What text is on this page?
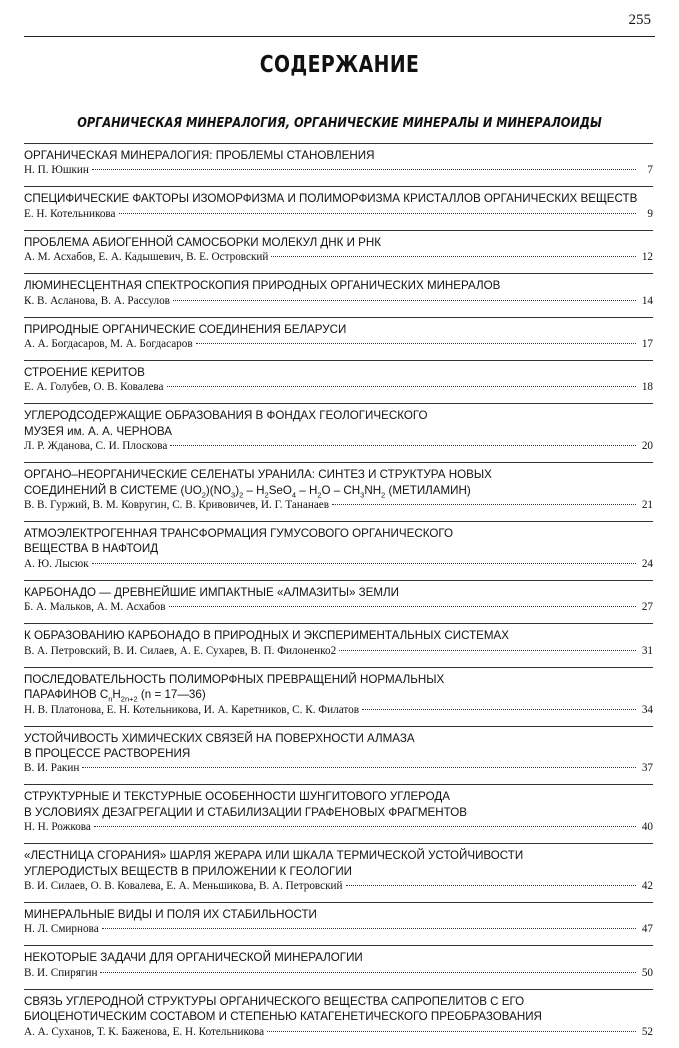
255
СОДЕРЖАНИЕ
ОРГАНИЧЕСКАЯ МИНЕРАЛОГИЯ, ОРГАНИЧЕСКИЕ МИНЕРАЛЫ И МИНЕРАЛОИДЫ
ОРГАНИЧЕСКАЯ МИНЕРАЛОГИЯ: ПРОБЛЕМЫ СТАНОВЛЕНИЯ
Н. П. Юшкин	7
СПЕЦИФИЧЕСКИЕ ФАКТОРЫ ИЗОМОРФИЗМА И ПОЛИМОРФИЗМА КРИСТАЛЛОВ ОРГАНИЧЕСКИХ ВЕЩЕСТВ
Е. Н. Котельникова	9
ПРОБЛЕМА АБИОГЕННОЙ САМОСБОРКИ МОЛЕКУЛ ДНК И РНК
А. М. Асхабов, Е. А. Кадышевич, В. Е. Островский	12
ЛЮМИНЕСЦЕНТНАЯ СПЕКТРОСКОПИЯ ПРИРОДНЫХ ОРГАНИЧЕСКИХ МИНЕРАЛОВ
К. В. Асланова, В. А. Рассулов	14
ПРИРОДНЫЕ ОРГАНИЧЕСКИЕ СОЕДИНЕНИЯ БЕЛАРУСИ
А. А. Богдасаров, М. А. Богдасаров	17
СТРОЕНИЕ КЕРИТОВ
Е. А. Голубев, О. В. Ковалева	18
УГЛЕРОДСОДЕРЖАЩИЕ ОБРАЗОВАНИЯ В ФОНДАХ ГЕОЛОГИЧЕСКОГО
МУЗЕЯ им. А. А. ЧЕРНОВА
Л. Р. Жданова, С. И. Плоскова	20
ОРГАНО–НЕОРГАНИЧЕСКИЕ СЕЛЕНАТЫ УРАНИЛА: СИНТЕЗ И СТРУКТУРА НОВЫХ
СОЕДИНЕНИЙ В СИСТЕМЕ $(UO_2)(NO_3)_2 - H_2SeO_4 - H_2O - CH_3NH_2$ (МЕТИЛАМИН)
В. В. Гуржий, В. М. Ковругин, С. В. Кривовичев, И. Г. Тананаев	21
АТМОЭЛЕКТРОГЕННАЯ ТРАНСФОРМАЦИЯ ГУМУСОВОГО ОРГАНИЧЕСКОГО
ВЕЩЕСТВА В НАФТОИД
А. Ю. Лысюк	24
КАРБОНАДО — ДРЕВНЕЙШИЕ ИМПАКТНЫЕ «АЛМАЗИТЫ» ЗЕМЛИ
Б. А. Мальков, А. М. Асхабов	27
К ОБРАЗОВАНИЮ КАРБОНАДО В ПРИРОДНЫХ И ЭКСПЕРИМЕНТАЛЬНЫХ СИСТЕМАХ
В. А. Петровский, В. И. Силаев, А. Е. Сухарев, В. П. Филоненко2	31
ПОСЛЕДОВАТЕЛЬНОСТЬ ПОЛИМОРФНЫХ ПРЕВРАЩЕНИЙ НОРМАЛЬНЫХ
ПАРАФИНОВ $C_nH_{2n+2}$ (n = 17—36)
Н. В. Платонова, Е. Н. Котельникова, И. А. Каретников, С. К. Филатов	34
УСТОЙЧИВОСТЬ ХИМИЧЕСКИХ СВЯЗЕЙ НА ПОВЕРХНОСТИ АЛМАЗА
В ПРОЦЕССЕ РАСТВОРЕНИЯ
В. И. Ракин	37
СТРУКТУРНЫЕ И ТЕКСТУРНЫЕ ОСОБЕННОСТИ ШУНГИТОВОГО УГЛЕРОДА
В УСЛОВИЯХ ДЕЗАГРЕГАЦИИ И СТАБИЛИЗАЦИИ ГРАФЕНОВЫХ ФРАГМЕНТОВ
Н. Н. Рожкова	40
«ЛЕСТНИЦА СГОРАНИЯ» ШАРЛЯ ЖЕРАРА ИЛИ ШКАЛА ТЕРМИЧЕСКОЙ УСТОЙЧИВОСТИ
УГЛЕРОДИСТЫХ ВЕЩЕСТВ В ПРИЛОЖЕНИИ К ГЕОЛОГИИ
В. И. Силаев, О. В. Ковалева, Е. А. Меньшикова, В. А. Петровский	42
МИНЕРАЛЬНЫЕ ВИДЫ И ПОЛЯ ИХ СТАБИЛЬНОСТИ
Н. Л. Смирнова	47
НЕКОТОРЫЕ ЗАДАЧИ ДЛЯ ОРГАНИЧЕСКОЙ МИНЕРАЛОГИИ
В. И. Спирягин	50
СВЯЗЬ УГЛЕРОДНОЙ СТРУКТУРЫ ОРГАНИЧЕСКОГО ВЕЩЕСТВА САПРОПЕЛИТОВ С ЕГО
БИОЦЕНОТИЧЕСКИМ СОСТАВОМ И СТЕПЕНЬЮ КАТАГЕНЕТИЧЕСКОГО ПРЕОБРАЗОВАНИЯ
А. А. Суханов, Т. К. Баженова, Е. Н. Котельникова	52
